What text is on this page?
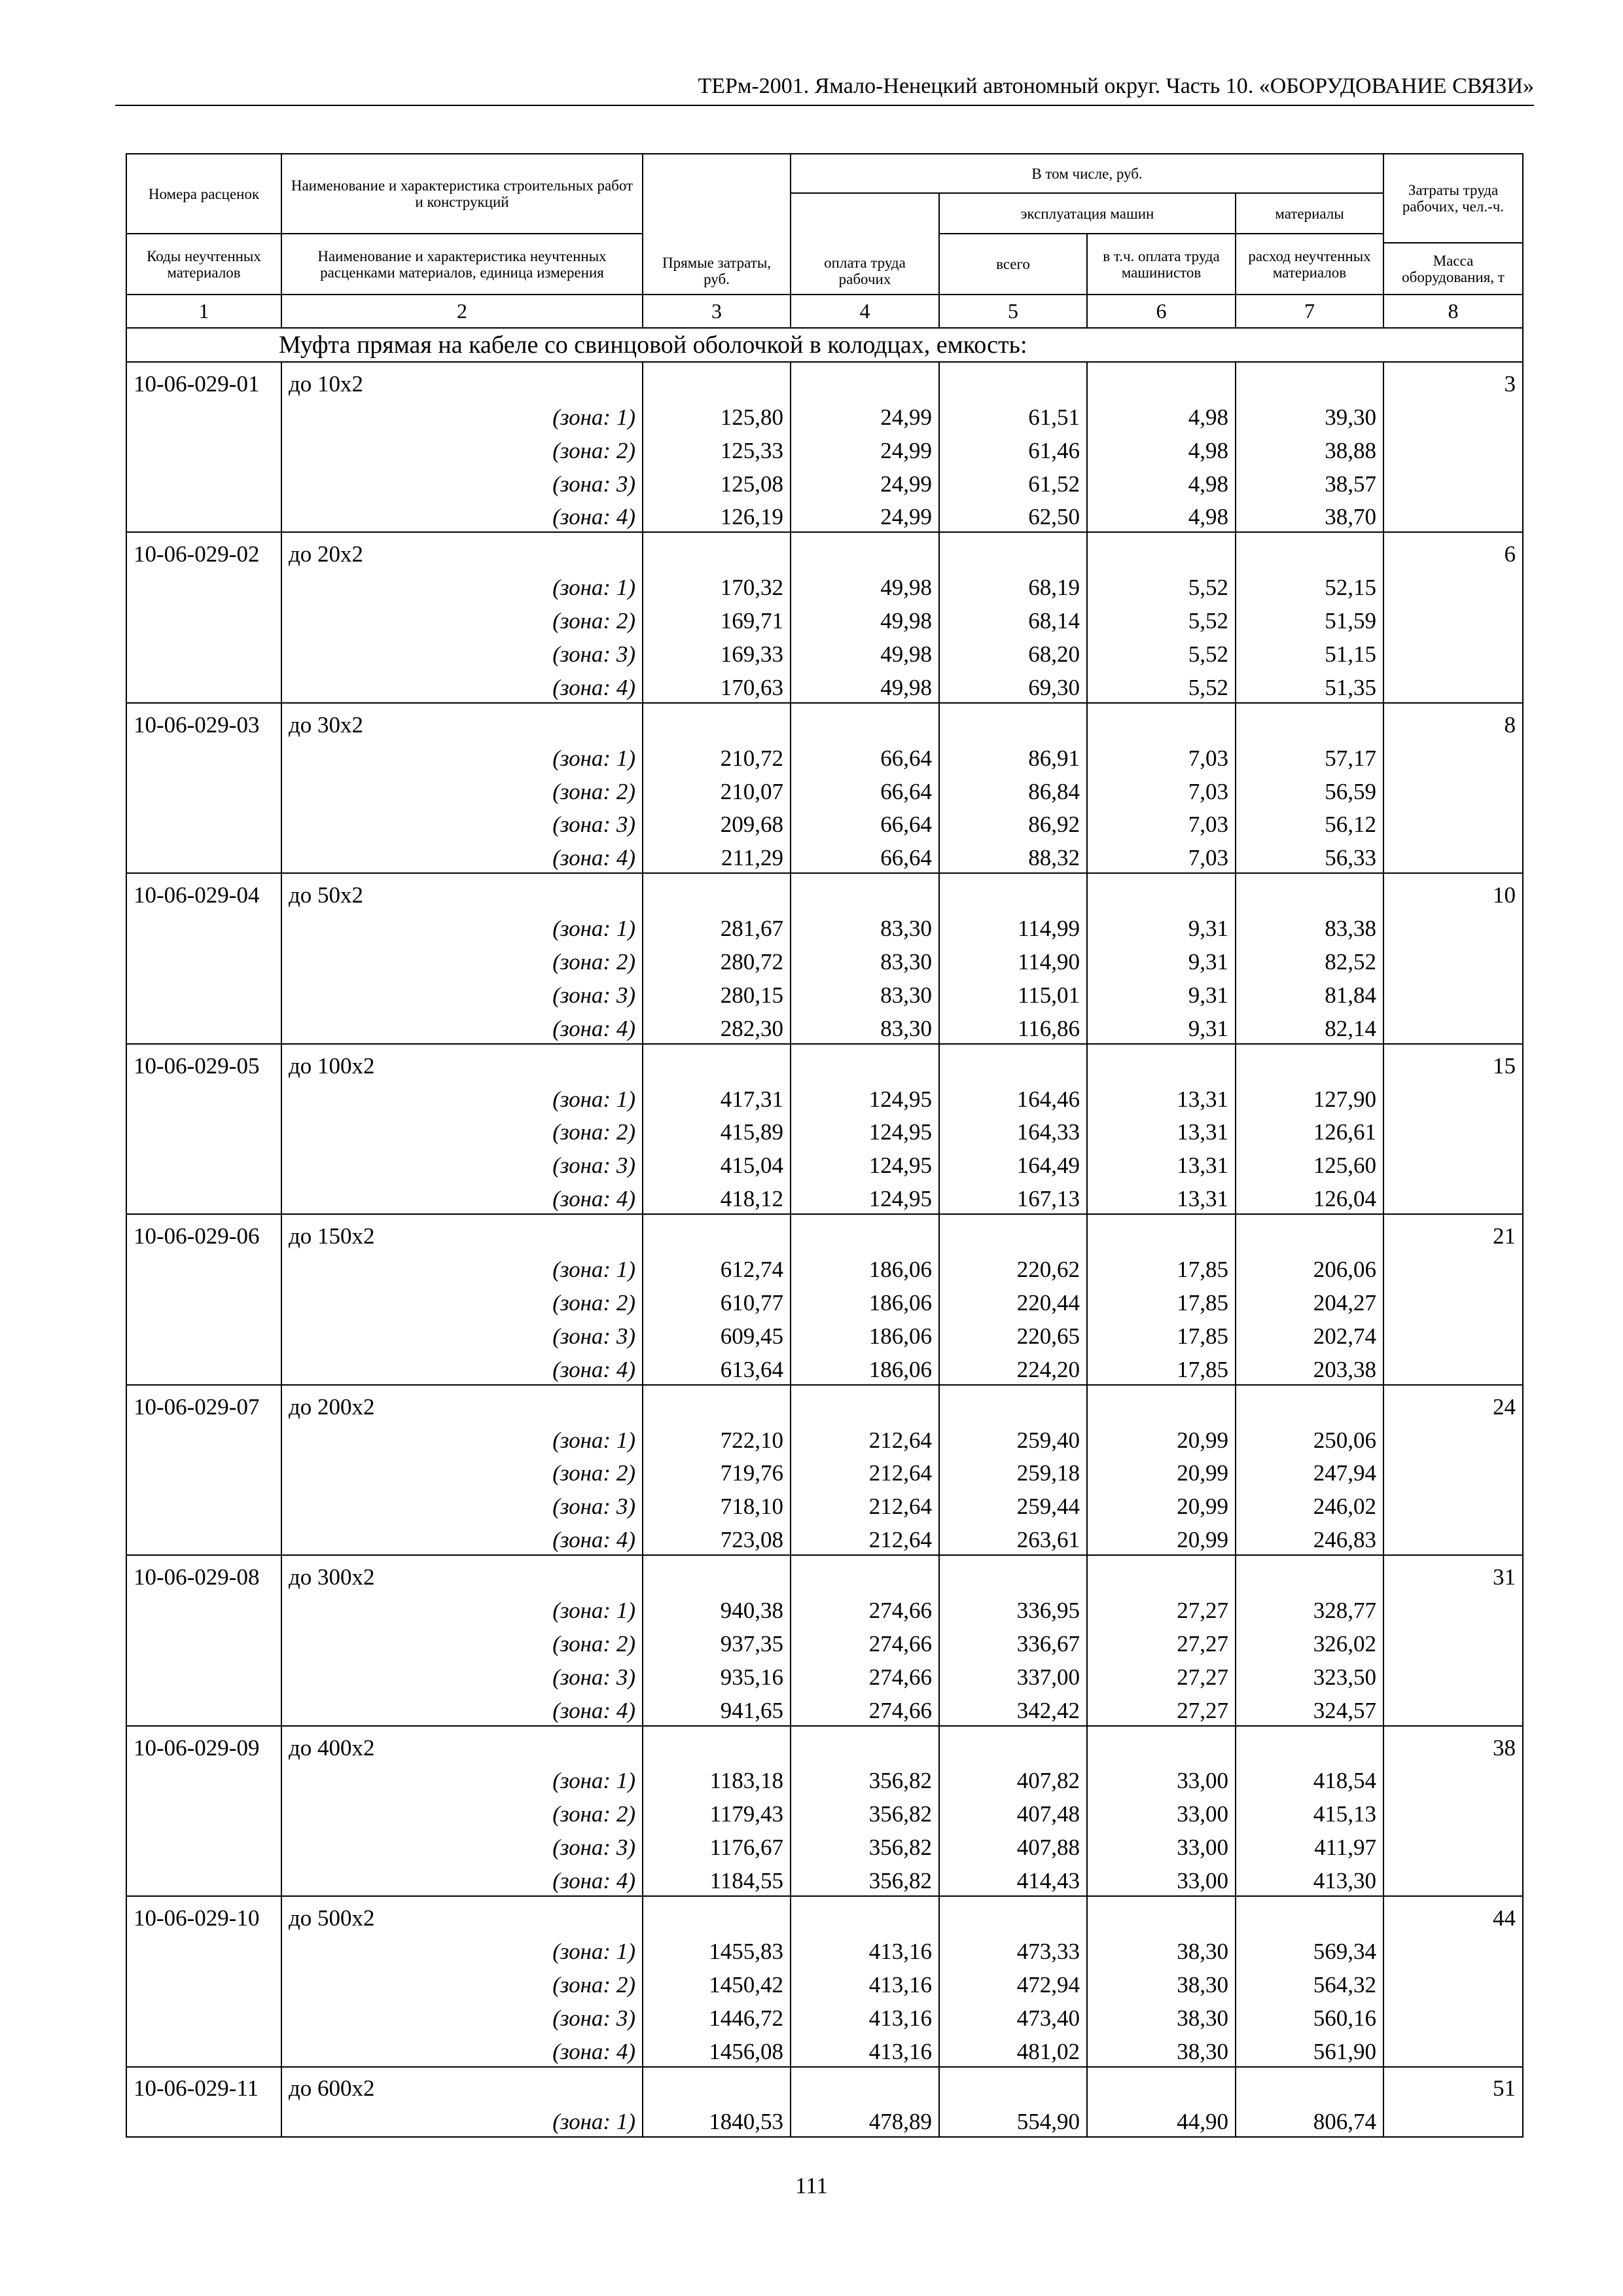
ТЕРм-2001. Ямало-Ненецкий автономный округ. Часть 10. «ОБОРУДОВАНИЕ СВЯЗИ»
Номера расценок	Наименование и характеристика строительных работ и конструкций	Прямые затраты, руб.	В том числе, руб.				Затраты труда рабочих, чел.-ч.
			оплата труда рабочих	эксплуатация машин		материалы	
Коды неучтенных материалов	Наименование и характеристика неучтенных расценками материалов, единица измерения			всего	в т.ч. оплата труда машинистов	расход неучтенных материалов	
							Масса оборудования, т
1	2	3	4	5	6	7	8
Муфта прямая на кабеле со свинцовой оболочкой в колодцах, емкость:							
10-06-029-01	до 10х2						3
	(зона: 1)	125,80	24,99	61,51	4,98	39,30	
	(зона: 2)	125,33	24,99	61,46	4,98	38,88	
	(зона: 3)	125,08	24,99	61,52	4,98	38,57	
	(зона: 4)	126,19	24,99	62,50	4,98	38,70	
10-06-029-02	до 20х2						6
	(зона: 1)	170,32	49,98	68,19	5,52	52,15	
	(зона: 2)	169,71	49,98	68,14	5,52	51,59	
	(зона: 3)	169,33	49,98	68,20	5,52	51,15	
	(зона: 4)	170,63	49,98	69,30	5,52	51,35	
10-06-029-03	до 30х2						8
	(зона: 1)	210,72	66,64	86,91	7,03	57,17	
	(зона: 2)	210,07	66,64	86,84	7,03	56,59	
	(зона: 3)	209,68	66,64	86,92	7,03	56,12	
	(зона: 4)	211,29	66,64	88,32	7,03	56,33	
10-06-029-04	до 50х2						10
	(зона: 1)	281,67	83,30	114,99	9,31	83,38	
	(зона: 2)	280,72	83,30	114,90	9,31	82,52	
	(зона: 3)	280,15	83,30	115,01	9,31	81,84	
	(зона: 4)	282,30	83,30	116,86	9,31	82,14	
10-06-029-05	до 100х2						15
	(зона: 1)	417,31	124,95	164,46	13,31	127,90	
	(зона: 2)	415,89	124,95	164,33	13,31	126,61	
	(зона: 3)	415,04	124,95	164,49	13,31	125,60	
	(зона: 4)	418,12	124,95	167,13	13,31	126,04	
10-06-029-06	до 150х2						21
	(зона: 1)	612,74	186,06	220,62	17,85	206,06	
	(зона: 2)	610,77	186,06	220,44	17,85	204,27	
	(зона: 3)	609,45	186,06	220,65	17,85	202,74	
	(зона: 4)	613,64	186,06	224,20	17,85	203,38	
10-06-029-07	до 200х2						24
	(зона: 1)	722,10	212,64	259,40	20,99	250,06	
	(зона: 2)	719,76	212,64	259,18	20,99	247,94	
	(зона: 3)	718,10	212,64	259,44	20,99	246,02	
	(зона: 4)	723,08	212,64	263,61	20,99	246,83	
10-06-029-08	до 300х2						31
	(зона: 1)	940,38	274,66	336,95	27,27	328,77	
	(зона: 2)	937,35	274,66	336,67	27,27	326,02	
	(зона: 3)	935,16	274,66	337,00	27,27	323,50	
	(зона: 4)	941,65	274,66	342,42	27,27	324,57	
10-06-029-09	до 400х2						38
	(зона: 1)	1183,18	356,82	407,82	33,00	418,54	
	(зона: 2)	1179,43	356,82	407,48	33,00	415,13	
	(зона: 3)	1176,67	356,82	407,88	33,00	411,97	
	(зона: 4)	1184,55	356,82	414,43	33,00	413,30	
10-06-029-10	до 500х2						44
	(зона: 1)	1455,83	413,16	473,33	38,30	569,34	
	(зона: 2)	1450,42	413,16	472,94	38,30	564,32	
	(зона: 3)	1446,72	413,16	473,40	38,30	560,16	
	(зона: 4)	1456,08	413,16	481,02	38,30	561,90	
10-06-029-11	до 600х2						51
	(зона: 1)	1840,53	478,89	554,90	44,90	806,74	
111
